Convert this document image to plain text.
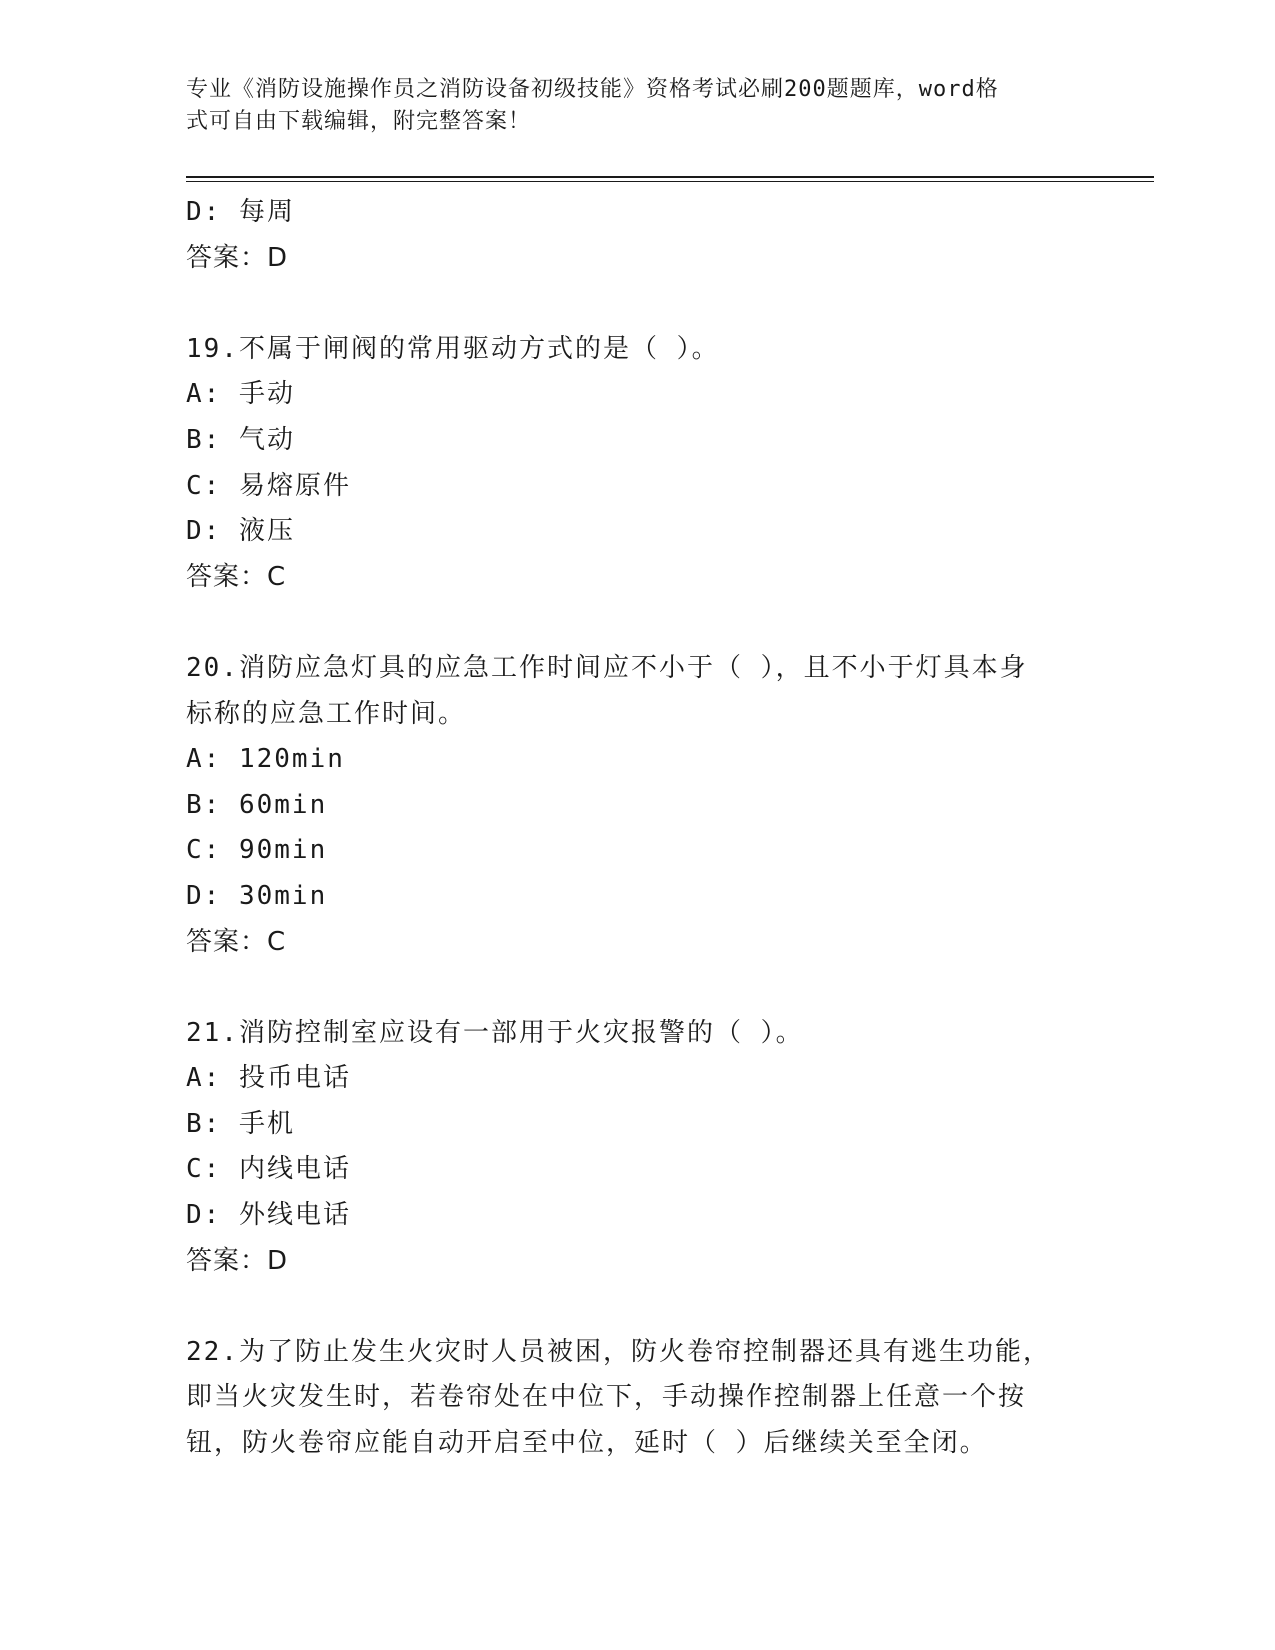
专业《消防设施操作员之消防设备初级技能》资格考试必刷200题题库，word格
式可自由下载编辑，附完整答案！
D: 每周
答案：D
19.不属于闸阀的常用驱动方式的是（ ）。
A: 手动
B: 气动
C: 易熔原件
D: 液压
答案：C
20.消防应急灯具的应急工作时间应不小于（ ），且不小于灯具本身
标称的应急工作时间。
A: 120min
B: 60min
C: 90min
D: 30min
答案：C
21.消防控制室应设有一部用于火灾报警的（ ）。
A: 投币电话
B: 手机
C: 内线电话
D: 外线电话
答案：D
22.为了防止发生火灾时人员被困，防火卷帘控制器还具有逃生功能，
即当火灾发生时，若卷帘处在中位下，手动操作控制器上任意一个按
钮，防火卷帘应能自动开启至中位，延时（ ）后继续关至全闭。
